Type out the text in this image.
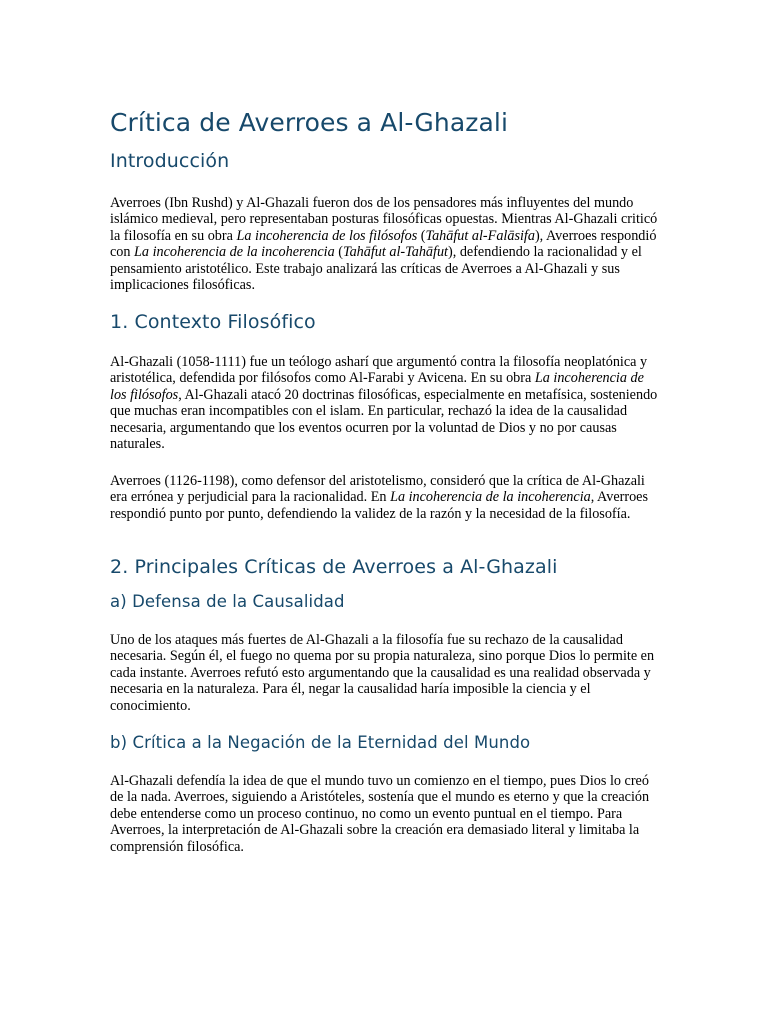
Crítica de Averroes a Al-Ghazali
Introducción

Averroes (Ibn Rushd) y Al-Ghazali fueron dos de los pensadores más influyentes del mundo islámico medieval, pero representaban posturas filosóficas opuestas. Mientras Al-Ghazali criticó la filosofía en su obra La incoherencia de los filósofos (Tahāfut al-Falāsifa), Averroes respondió con La incoherencia de la incoherencia (Tahāfut al-Tahāfut), defendiendo la racionalidad y el pensamiento aristotélico. Este trabajo analizará las críticas de Averroes a Al-Ghazali y sus implicaciones filosóficas.

1. Contexto Filosófico

Al-Ghazali (1058-1111) fue un teólogo asharí que argumentó contra la filosofía neoplatónica y aristotélica, defendida por filósofos como Al-Farabi y Avicena. En su obra La incoherencia de los filósofos, Al-Ghazali atacó 20 doctrinas filosóficas, especialmente en metafísica, sosteniendo que muchas eran incompatibles con el islam. En particular, rechazó la idea de la causalidad necesaria, argumentando que los eventos ocurren por la voluntad de Dios y no por causas naturales.

Averroes (1126-1198), como defensor del aristotelismo, consideró que la crítica de Al-Ghazali era errónea y perjudicial para la racionalidad. En La incoherencia de la incoherencia, Averroes respondió punto por punto, defendiendo la validez de la razón y la necesidad de la filosofía.

2. Principales Críticas de Averroes a Al-Ghazali
a) Defensa de la Causalidad

Uno de los ataques más fuertes de Al-Ghazali a la filosofía fue su rechazo de la causalidad necesaria. Según él, el fuego no quema por su propia naturaleza, sino porque Dios lo permite en cada instante. Averroes refutó esto argumentando que la causalidad es una realidad observada y necesaria en la naturaleza. Para él, negar la causalidad haría imposible la ciencia y el conocimiento.

b) Crítica a la Negación de la Eternidad del Mundo

Al-Ghazali defendía la idea de que el mundo tuvo un comienzo en el tiempo, pues Dios lo creó de la nada. Averroes, siguiendo a Aristóteles, sostenía que el mundo es eterno y que la creación debe entenderse como un proceso continuo, no como un evento puntual en el tiempo. Para Averroes, la interpretación de Al-Ghazali sobre la creación era demasiado literal y limitaba la comprensión filosófica.
